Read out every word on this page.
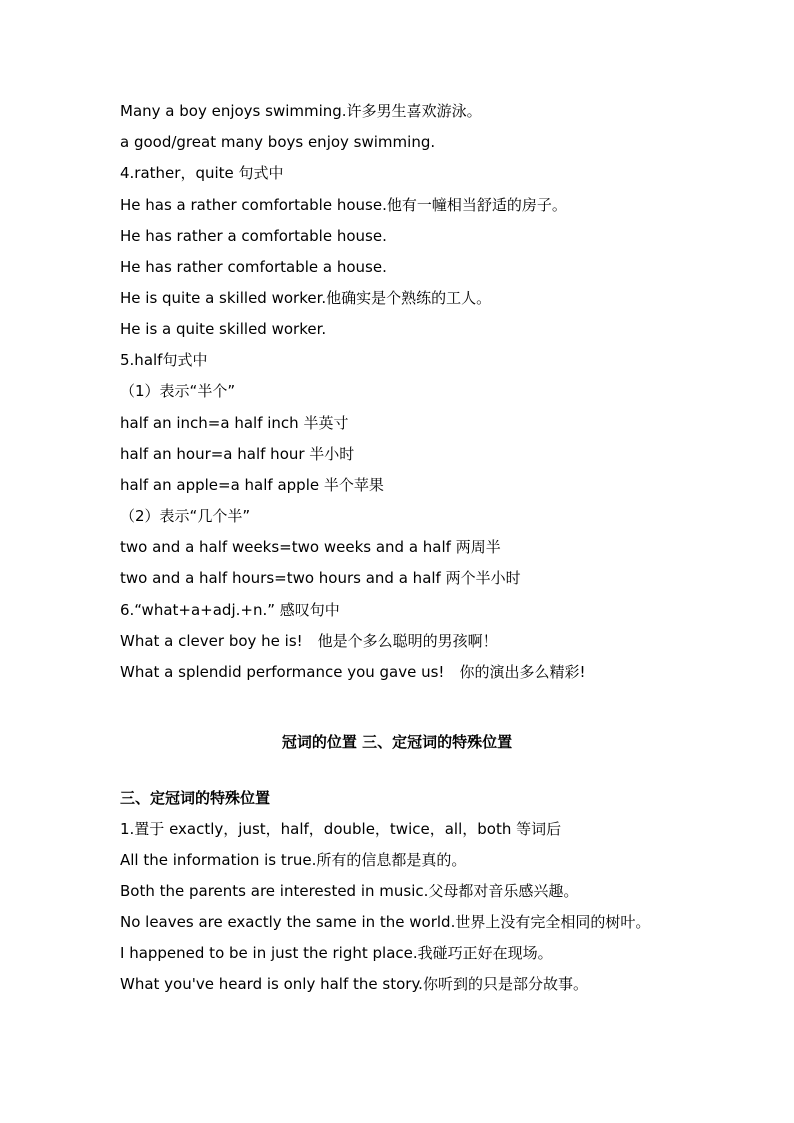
Many a boy enjoys swimming.许多男生喜欢游泳。
a good/great many boys enjoy swimming.
4.rather，quite 句式中
He has a rather comfortable house.他有一幢相当舒适的房子。
He has rather a comfortable house.
He has rather comfortable a house.
He is quite a skilled worker.他确实是个熟练的工人。
He is a quite skilled worker.
5.half句式中
（1）表示“半个”
half an inch=a half inch 半英寸
half an hour=a half hour 半小时
half an apple=a half apple 半个苹果
（2）表示“几个半”
two and a half weeks=two weeks and a half 两周半
two and a half hours=two hours and a half 两个半小时
6.“what+a+adj.+n.” 感叹句中
What a clever boy he is!　他是个多么聪明的男孩啊！
What a splendid performance you gave us!　你的演出多么精彩!
冠词的位置 三、定冠词的特殊位置
三、定冠词的特殊位置
1.置于 exactly，just，half，double，twice，all，both 等词后
All the information is true.所有的信息都是真的。
Both the parents are interested in music.父母都对音乐感兴趣。
No leaves are exactly the same in the world.世界上没有完全相同的树叶。
I happened to be in just the right place.我碰巧正好在现场。
What you've heard is only half the story.你听到的只是部分故事。
